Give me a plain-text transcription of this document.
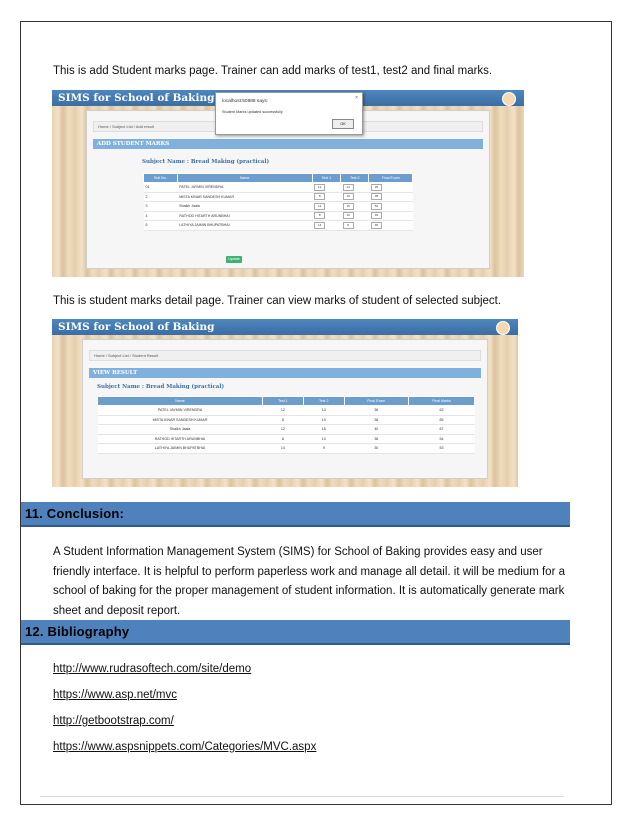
This is add Student marks page. Trainer can add marks of test1, test2 and final marks.

SIMS for School of Baking
Home / Subject List / Add result
ADD STUDENT MARKS
Subject Name : Bread Making (practical)
Roll No.	Name	Test 1	Test 2	Final Exam
01	PATEL JAYMIN VIRENDRA	12	14	36
2	MISTA KINAR SANDESH KUMAR	8	19	38
3	Shaikh Jaala	12	15	50
4	RATHOD HITARTH ARUNBHAI	8	10	36
5	LATHIYA JAIMIN BHUPATBHAI	14	9	30
Update
×
localhost:50988 says:
Student Marks updated successfully
OK

This is student marks detail page. Trainer can view marks of student of selected subject.

SIMS for School of Baking
Home / Subject List / Student Result
VIEW RESULT
Subject Name : Bread Making (practical)
Name	Test 1	Test 2	Final Exam	Final Marks
PATEL JAYMIN VIRENDRA	12	14	36	62
MISTA KINAR SANDESH KUMAR	8	19	38	65
Shaikh Jaala	12	15	40	67
RATHOD HITARTH ARUNBHAI	8	10	36	54
LATHIYA JAIMIN BHUPATBHAI	14	9	30	53
11. Conclusion:

A Student Information Management System (SIMS) for School of Baking provides easy and user friendly interface. It is helpful to perform paperless work and manage all detail. it will be medium for a school of baking for the proper management of student information. It is automatically generate mark sheet and deposit report.

12. Bibliography
http://www.rudrasoftech.com/site/demo
https://www.asp.net/mvc
http://getbootstrap.com/
https://www.aspsnippets.com/Categories/MVC.aspx
